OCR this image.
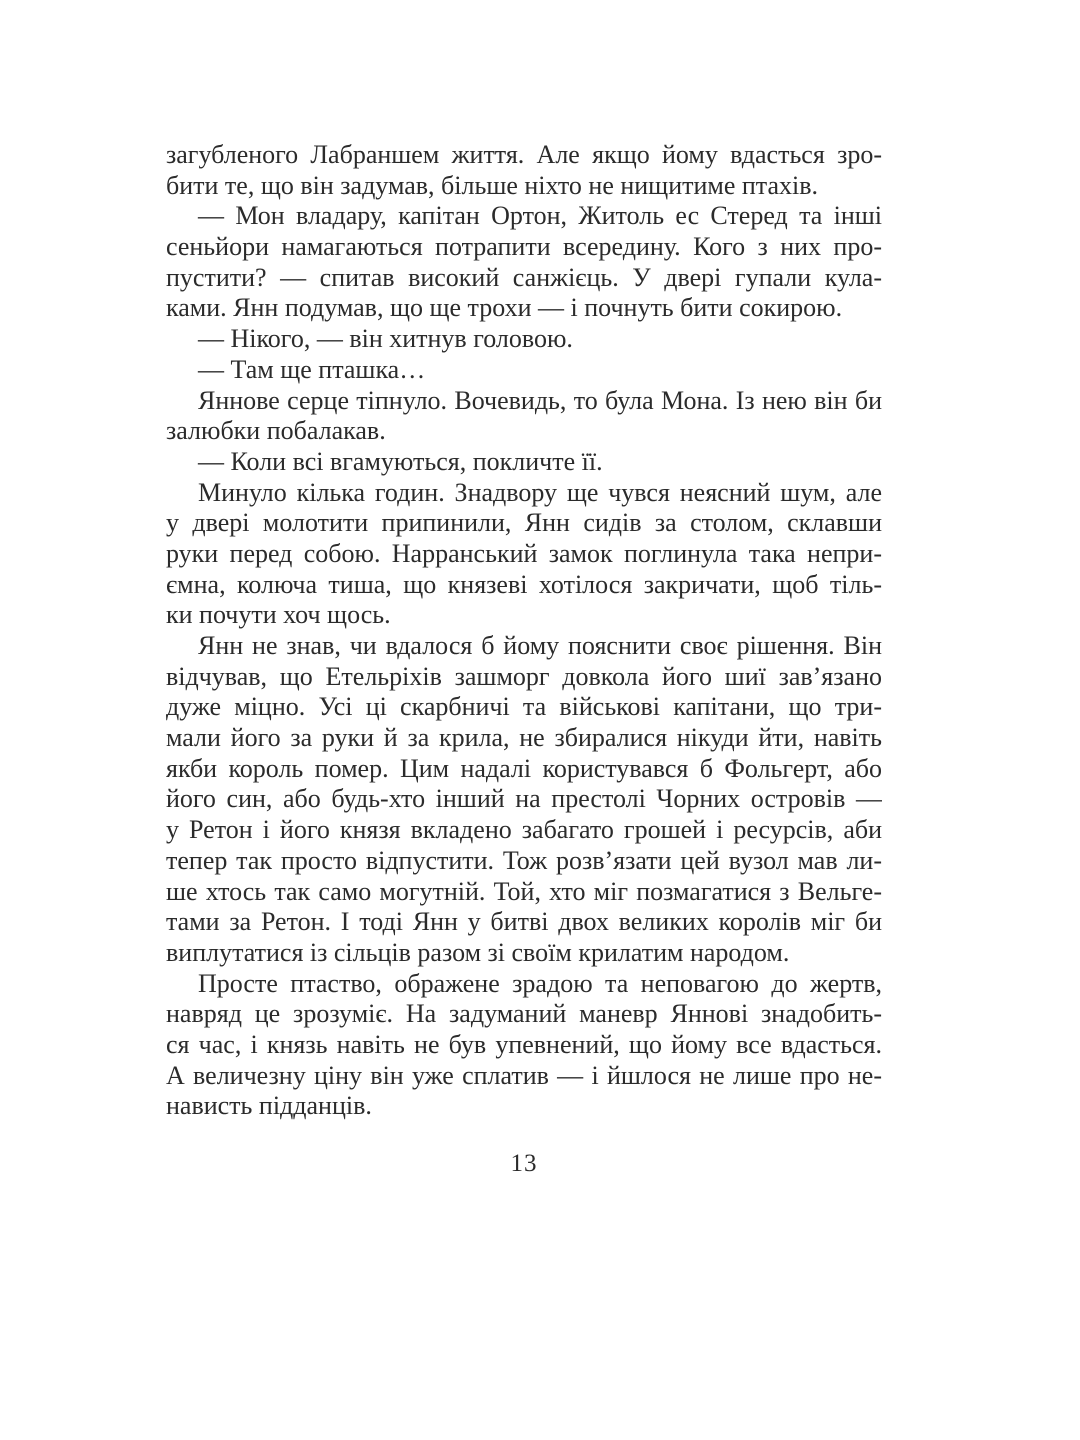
загубленого Лабраншем життя. Але якщо йому вдасться зро-
бити те, що він задумав, більше ніхто не нищитиме птахів.

— Мон владару, капітан Ортон, Житоль ес Стеред та інші
сеньйори намагаються потрапити всередину. Кого з них про-
пустити? — спитав високий санжієць. У двері гупали кула-
ками. Янн подумав, що ще трохи — і почнуть бити сокирою.

— Нікого, — він хитнув головою.

— Там ще пташка…

Яннове серце тіпнуло. Вочевидь, то була Мона. Із нею він би
залюбки побалакав.

— Коли всі вгамуються, покличте її.

Минуло кілька годин. Знадвору ще чувся неясний шум, але
у двері молотити припинили, Янн сидів за столом, склавши
руки перед собою. Нарранський замок поглинула така непри-
ємна, колюча тиша, що князеві хотілося закричати, щоб тіль-
ки почути хоч щось.

Янн не знав, чи вдалося б йому пояснити своє рішення. Він
відчував, що Етельріхів зашморг довкола його шиї зав’язано
дуже міцно. Усі ці скарбничі та військові капітани, що три-
мали його за руки й за крила, не збиралися нікуди йти, навіть
якби король помер. Цим надалі користувався б Фольгерт, або
його син, або будь-хто інший на престолі Чорних островів —
у Ретон і його князя вкладено забагато грошей і ресурсів, аби
тепер так просто відпустити. Тож розв’язати цей вузол мав ли-
ше хтось так само могутній. Той, хто міг позмагатися з Вельге-
тами за Ретон. І тоді Янн у битві двох великих королів міг би
виплутатися із сільців разом зі своїм крилатим народом.

Просте птаство, ображене зрадою та неповагою до жертв,
навряд це зрозуміє. На задуманий маневр Яннові знадобить-
ся час, і князь навіть не був упевнений, що йому все вдасться.
А величезну ціну він уже сплатив — і йшлося не лише про не-
нависть підданців.

13
